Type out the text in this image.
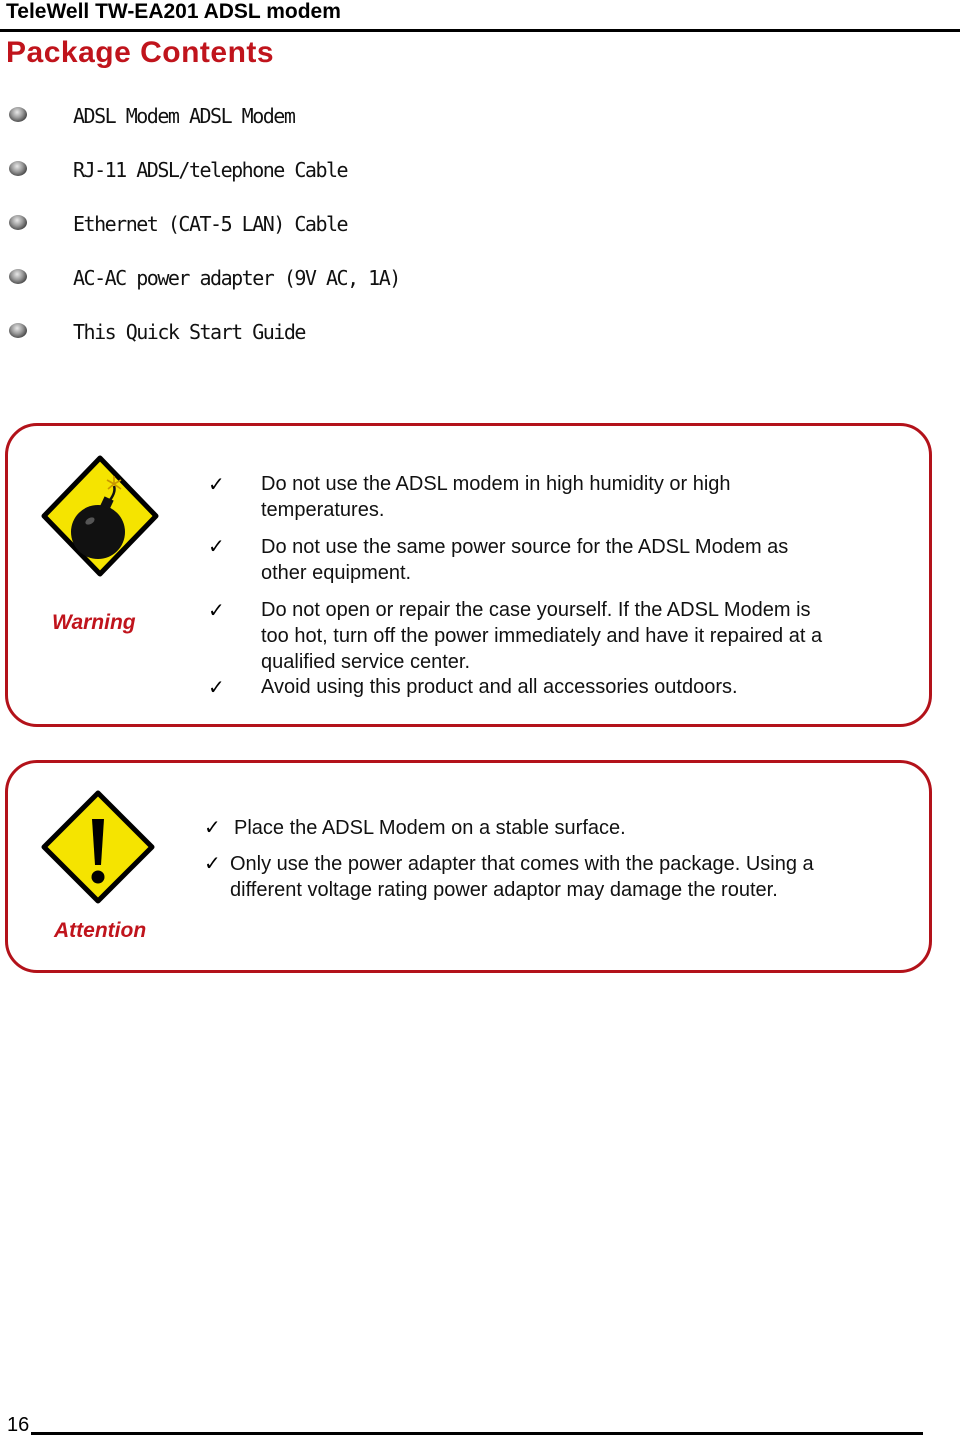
TeleWell TW-EA201 ADSL modem
Package Contents
ADSL Modem ADSL Modem
RJ-11 ADSL/telephone Cable
Ethernet (CAT-5 LAN) Cable
AC-AC power adapter (9V AC, 1A)
This Quick Start Guide
Warning
✓
✓
✓
✓
Do not use the ADSL modem in high humidity or high
temperatures.
Do not use the same power source for the ADSL Modem as
other equipment.
Do not open or repair the case yourself. If the ADSL Modem is
too hot, turn off the power immediately and have it repaired at a
qualified service center.
Avoid using this product and all accessories outdoors.
Attention
✓
✓
Place the ADSL Modem on a stable surface.
Only use the power adapter that comes with the package. Using a
different voltage rating power adaptor may damage the router.
16
